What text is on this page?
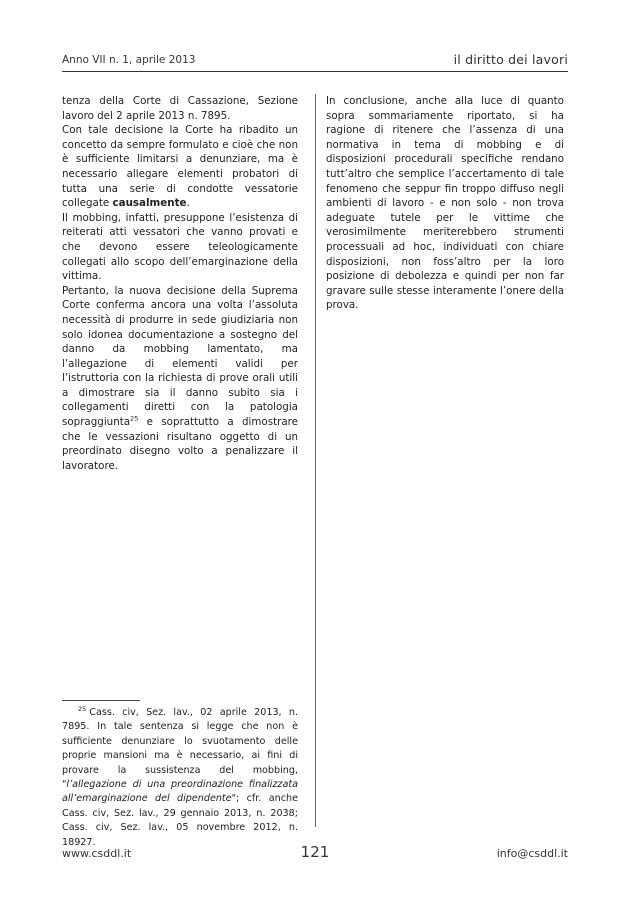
Anno VII n. 1, aprile 2013	il diritto dei lavori

tenza della Corte di Cassazione, Sezione lavoro del 2 aprile 2013 n. 7895.

Con tale decisione la Corte ha ribadito un concetto da sempre formulato e cioè che non è sufficiente limitarsi a denunziare, ma è necessario allegare elementi probatori di tutta una serie di condotte vessatorie collegate causalmente.

Il mobbing, infatti, presuppone l’esistenza di reiterati atti vessatori che vanno provati e che devono essere teleologicamente collegati allo scopo dell’emarginazione della vittima.

Pertanto, la nuova decisione della Suprema Corte conferma ancora una volta l’assoluta necessità di produrre in sede giudiziaria non solo idonea documentazione a sostegno del danno da mobbing lamentato, ma l’allegazione di elementi validi per l’istruttoria con la richiesta di prove orali utili a dimostrare sia il danno subito sia i collegamenti diretti con la patologia sopraggiunta$^{25}$ e soprattutto a dimostrare che le vessazioni risultano oggetto di un preordinato disegno volto a penalizzare il lavoratore.

In conclusione, anche alla luce di quanto sopra sommariamente riportato, si ha ragione di ritenere che l’assenza di una normativa in tema di mobbing e di disposizioni procedurali specifiche rendano tutt’altro che semplice l’accertamento di tale fenomeno che seppur fin troppo diffuso negli ambienti di lavoro - e non solo - non trova adeguate tutele per le vittime che verosimilmente meriterebbero strumenti processuali ad hoc, individuati con chiare disposizioni, non foss’altro per la loro posizione di debolezza e quindi per non far gravare sulle stesse interamente l’onere della prova.

$^{25}$ Cass. civ, Sez. lav., 02 aprile 2013, n. 7895. In tale sentenza si legge che non è sufficiente denunziare lo svuotamento delle proprie mansioni ma è necessario, ai fini di provare la sussistenza del mobbing, "l’allegazione di una preordinazione finalizzata all’emarginazione del dipendente"; cfr. anche Cass. civ, Sez. lav., 29 gennaio 2013, n. 2038; Cass. civ, Sez. lav., 05 novembre 2012, n. 18927.

www.csddl.it	121	info@csddl.it
